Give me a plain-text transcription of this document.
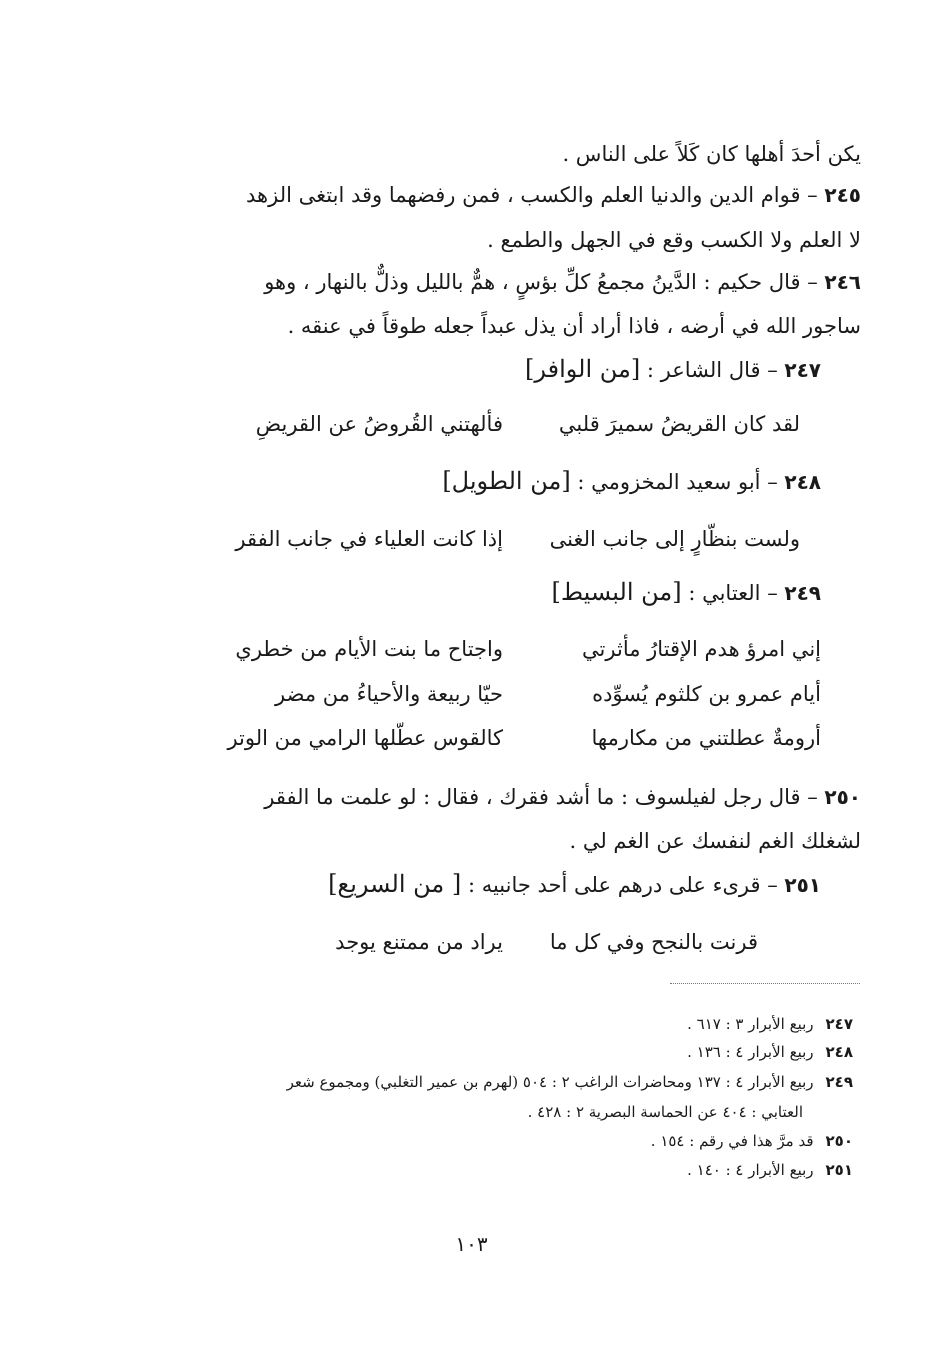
يكن أحدَ أهلها كان كَلاً على الناس .
٢٤٥ – قوام الدين والدنيا العلم والكسب ، فمن رفضهما وقد ابتغى الزهد
لا العلم ولا الكسب وقع في الجهل والطمع .
٢٤٦ – قال حكيم : الدَّينُ مجمعُ كلِّ بؤسٍ ، همٌّ بالليل وذلٌّ بالنهار ، وهو
ساجور الله في أرضه ، فاذا أراد أن يذل عبداً جعله طوقاً في عنقه .
٢٤٧ – قال الشاعر : [من الوافر]
لقد كان القريضُ سميرَ قلبي
فألهتني القُروضُ عن القريضِ
٢٤٨ – أبو سعيد المخزومي : [من الطويل]
ولست بنظّارٍ إلى جانب الغنى
إذا كانت العلياء في جانب الفقر
٢٤٩ – العتابي : [من البسيط]
إني امرؤ هدم الإقتارُ مأثرتي
واجتاح ما بنت الأيام من خطري
أيام عمرو بن كلثوم يُسوِّده
حيّا ربيعة والأحياءُ من مضر
أرومةٌ عطلتني من مكارمها
كالقوس عطّلها الرامي من الوتر
٢٥٠ – قال رجل لفيلسوف : ما أشد فقرك ، فقال : لو علمت ما الفقر
لشغلك الغم لنفسك عن الغم لي .
٢٥١ – قرىء على درهم على أحد جانبيه : [ من السريع]
قرنت بالنجح وفي كل ما
يراد من ممتنع يوجد
٢٤٧ربيع الأبرار ٣ : ٦١٧ .
٢٤٨ربيع الأبرار ٤ : ١٣٦ .
٢٤٩ربيع الأبرار ٤ : ١٣٧ ومحاضرات الراغب ٢ : ٥٠٤ (لهرم بن عمير التغلبي) ومجموع شعر
العتابي : ٤٠٤ عن الحماسة البصرية ٢ : ٤٢٨ .
٢٥٠قد مرَّ هذا في رقم : ١٥٤ .
٢٥١ربيع الأبرار ٤ : ١٤٠ .
١٠٣
